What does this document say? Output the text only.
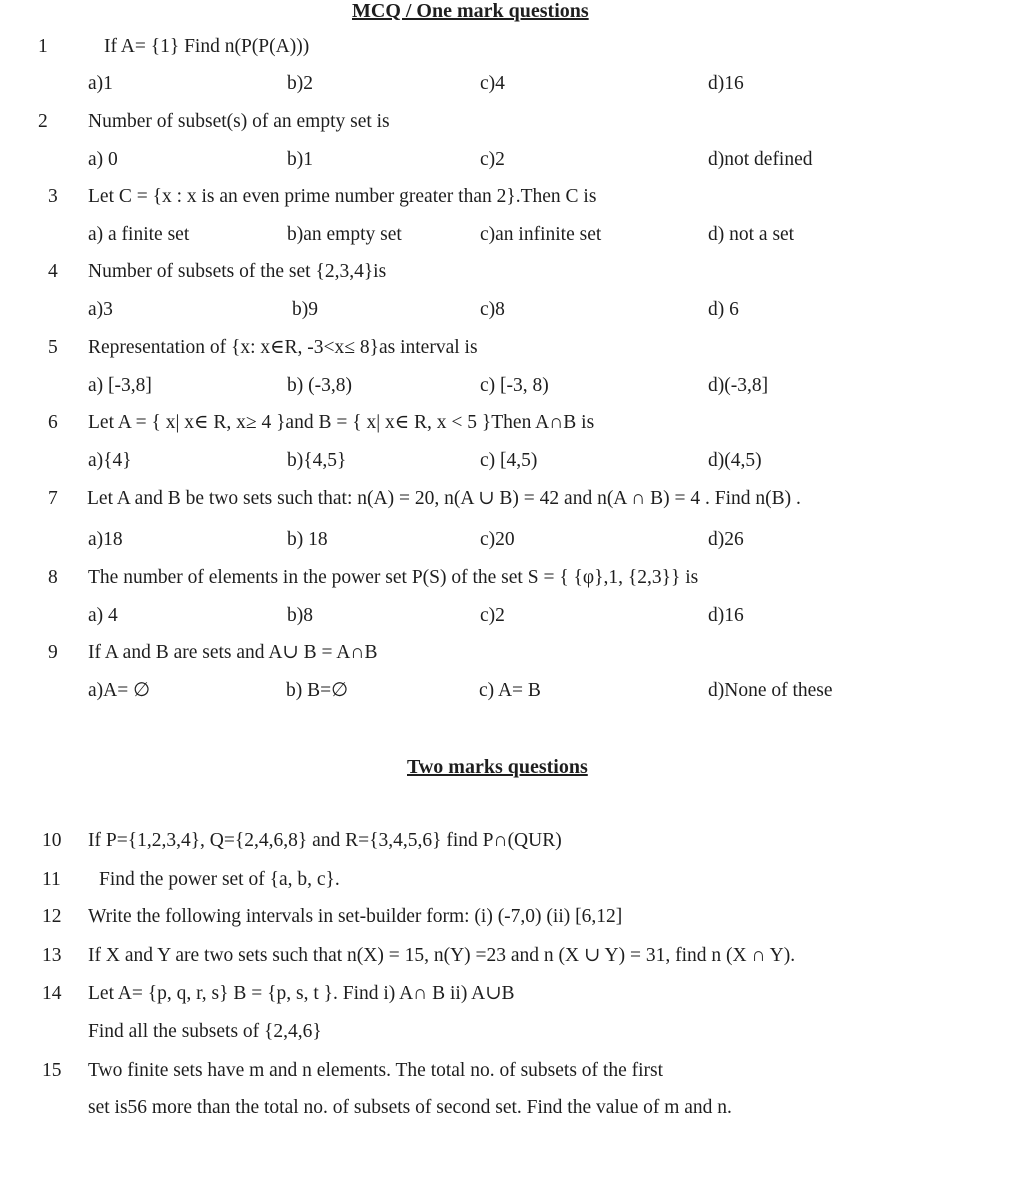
MCQ / One mark questions
1	If A= {1} Find n(P(P(A)))
a)1	b)2	c)4	d)16
2 Number of subset(s) of an empty set is
a) 0	b)1	c)2	d)not defined
3 Let C = {x : x is an even prime number greater than 2}.Then C is
a) a finite set	b)an empty set	c)an infinite set	d) not a set
4 Number of subsets of the set {2,3,4}is
a)3	b)9	c)8	d) 6
5 Representation of {x: x∈R, -3<x≤ 8}as interval is
a) [-3,8]	b) (-3,8)	c) [-3, 8)	d)(-3,8]
6 Let A = { x| x∈ R, x≥ 4 }and B = { x| x∈ R, x < 5 }Then A∩B is
a){4}	b){4,5}	c) [4,5)	d)(4,5)
7 Let A and B be two sets such that: n(A) = 20, n(A ∪ B) = 42 and n(A ∩ B) = 4 . Find n(B) .
a)18	b) 18	c)20	d)26
8 The number of elements in the power set P(S) of the set S = { {φ},1, {2,3}} is
a) 4	b)8	c)2	d)16
9 If A and B are sets and A∪ B = A∩B
a)A= ∅	b) B=∅	c) A= B	d)None of these
Two marks questions
10 If P={1,2,3,4}, Q={2,4,6,8} and R={3,4,5,6} find P∩(QUR)
11 Find the power set of {a, b, c}.
12 Write the following intervals in set-builder form: (i) (-7,0) (ii) [6,12]
13 If X and Y are two sets such that n(X) = 15, n(Y) =23 and n (X ∪ Y) = 31, find n (X ∩ Y).
14 Let A= {p, q, r, s} B = {p, s, t }. Find i) A∩ B ii) A∪B
Find all the subsets of {2,4,6}
15 Two finite sets have m and n elements. The total no. of subsets of the first
set is56 more than the total no. of subsets of second set. Find the value of m and n.
